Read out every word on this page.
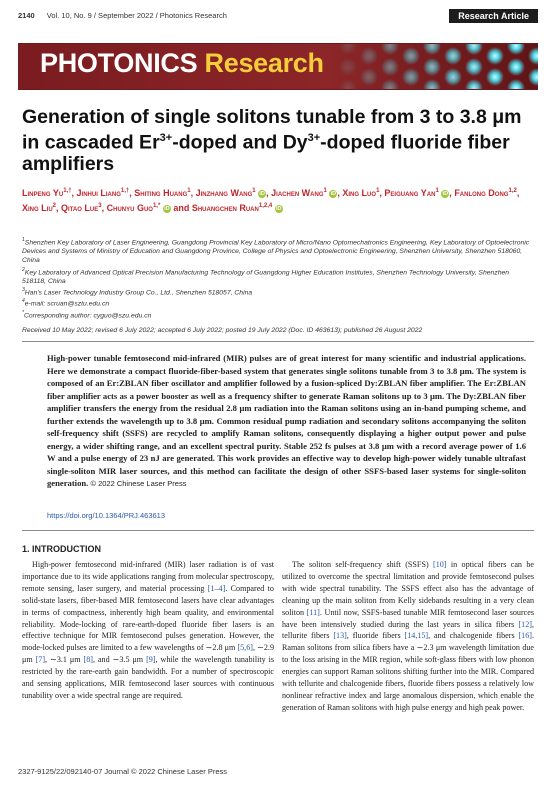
2140 Vol. 10, No. 9 / September 2022 / Photonics Research	Research Article
PHOTONICS Research
Generation of single solitons tunable from 3 to 3.8 μm in cascaded $Er^{3+}$-doped and $Dy^{3+}$-doped fluoride fiber amplifiers
Linpeng $Yu^{1,\dagger}$, Jinhui Liang$^{1,\dagger}$, Shiting Huang$^1$, Jinzhang Wang$^1$ iD, Jiachen Wang$^1$ iD, Xing Luo$^1$, Peiguang Yan$^1$ iD, Fanlong Dong$^{1,2}$, Xing Liu$^2$, Qitao Lue$^3$, Chunyu Guo$^{1,*}$ iD and Shuangchen Ruan$^{1,2,4}$ iD
$^1$Shenzhen Key Laboratory of Laser Engineering, Guangdong Provincial Key Laboratory of Micro/Nano Optomechatronics Engineering, Key Laboratory of Optoelectronic Devices and Systems of Ministry of Education and Guangdong Province, College of Physics and Optoelectronic Engineering, Shenzhen University, Shenzhen 518060, China
$^2$Key Laboratory of Advanced Optical Precision Manufacturing Technology of Guangdong Higher Education Institutes, Shenzhen Technology University, Shenzhen 518118, China
$^3$Han's Laser Technology Industry Group Co., Ltd., Shenzhen 518057, China
$^4$e-mail: scruan@sztu.edu.cn
*Corresponding author: cyguo@szu.edu.cn
Received 10 May 2022; revised 6 July 2022; accepted 6 July 2022; posted 19 July 2022 (Doc. ID 463613); published 26 August 2022
High-power tunable femtosecond mid-infrared (MIR) pulses are of great interest for many scientific and industrial applications. Here we demonstrate a compact fluoride-fiber-based system that generates single solitons tunable from 3 to 3.8 μm. The system is composed of an Er:ZBLAN fiber oscillator and amplifier followed by a fusion-spliced Dy:ZBLAN fiber amplifier. The Er:ZBLAN fiber amplifier acts as a power booster as well as a frequency shifter to generate Raman solitons up to 3 μm. The Dy:ZBLAN fiber amplifier transfers the energy from the residual 2.8 μm radiation into the Raman solitons using an in-band pumping scheme, and further extends the wavelength up to 3.8 μm. Common residual pump radiation and secondary solitons accompanying the soliton self-frequency shift (SSFS) are recycled to amplify Raman solitons, consequently displaying a higher output power and pulse energy, a wider shifting range, and an excellent spectral purity. Stable 252 fs pulses at 3.8 μm with a record average power of 1.6 W and a pulse energy of 23 nJ are generated. This work provides an effective way to develop high-power widely tunable ultrafast single-soliton MIR laser sources, and this method can facilitate the design of other SSFS-based laser systems for single-soliton generation. © 2022 Chinese Laser Press
https://doi.org/10.1364/PRJ.463613
1. INTRODUCTION

High-power femtosecond mid-infrared (MIR) laser radiation is of vast importance due to its wide applications ranging from molecular spectroscopy, remote sensing, laser surgery, and material processing [1–4]. Compared to solid-state lasers, fiber-based MIR femtosecond lasers have clear advantages in terms of compactness, inherently high beam quality, and environmental reliability. Mode-locking of rare-earth-doped fluoride fiber lasers is an effective technique for MIR femtosecond pulses generation. However, the mode-locked pulses are limited to a few wavelengths of ∼2.8 μm [5,6], ∼2.9 μm [7], ∼3.1 μm [8], and ∼3.5 μm [9], while the wavelength tunability is restricted by the rare-earth gain bandwidth. For a number of spectroscopic and sensing applications, MIR femtosecond laser sources with continuous tunability over a wide spectral range are required.

The soliton self-frequency shift (SSFS) [10] in optical fibers can be utilized to overcome the spectral limitation and provide femtosecond pulses with wide spectral tunability. The SSFS effect also has the advantage of cleaning up the main soliton from Kelly sidebands resulting in a very clean soliton [11]. Until now, SSFS-based tunable MIR femtosecond laser sources have been intensively studied during the last years in silica fibers [12], tellurite fibers [13], fluoride fibers [14,15], and chalcogenide fibers [16]. Raman solitons from silica fibers have a ∼2.3 μm wavelength limitation due to the loss arising in the MIR region, while soft-glass fibers with low phonon energies can support Raman solitons shifting further into the MIR. Compared with tellurite and chalcogenide fibers, fluoride fibers possess a relatively low nonlinear refractive index and large anomalous dispersion, which enable the generation of Raman solitons with high pulse energy and high peak power.

2327-9125/22/092140-07 Journal © 2022 Chinese Laser Press
